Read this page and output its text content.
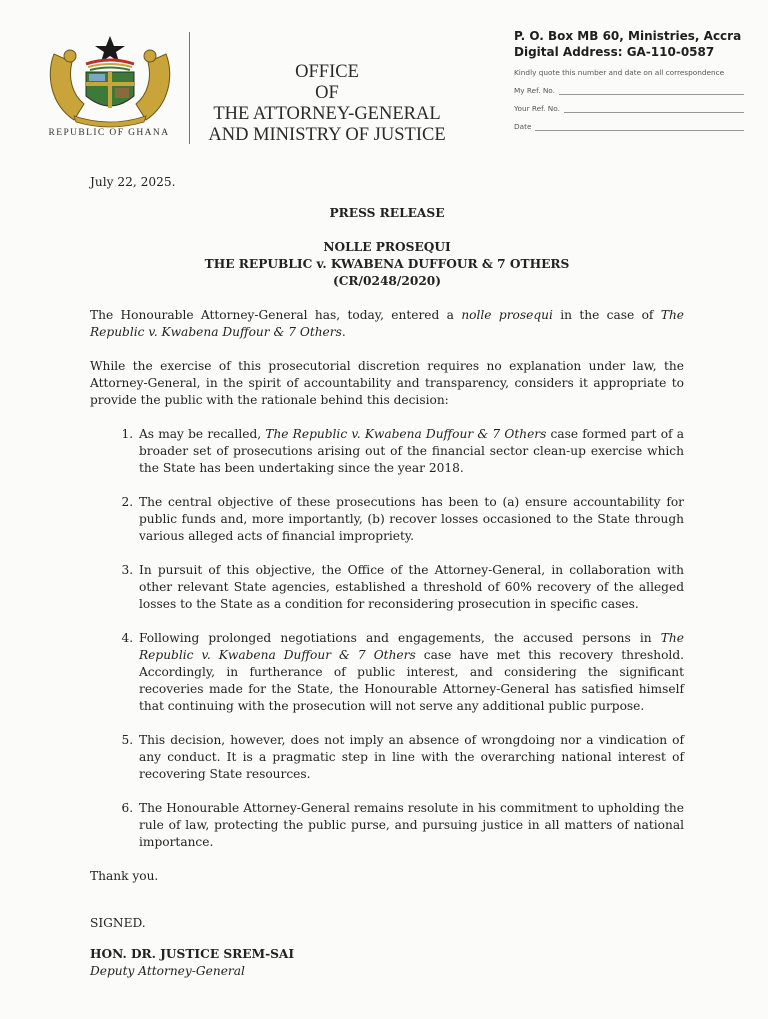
REPUBLIC OF GHANA
OFFICE
OF
THE ATTORNEY-GENERAL
AND MINISTRY OF JUSTICE
P. O. Box MB 60, Ministries, Accra
Digital Address: GA-110-0587
Kindly quote this number and date on all correspondence
My Ref. No.
Your Ref. No.
Date
July 22, 2025.
PRESS RELEASE
NOLLE PROSEQUI
THE REPUBLIC v. KWABENA DUFFOUR & 7 OTHERS
(CR/0248/2020)

The Honourable Attorney-General has, today, entered a nolle prosequi in the case of The Republic v. Kwabena Duffour & 7 Others.

While the exercise of this prosecutorial discretion requires no explanation under law, the Attorney-General, in the spirit of accountability and transparency, considers it appropriate to provide the public with the rationale behind this decision:

1. As may be recalled, The Republic v. Kwabena Duffour & 7 Others case formed part of a broader set of prosecutions arising out of the financial sector clean-up exercise which the State has been undertaking since the year 2018.
2. The central objective of these prosecutions has been to (a) ensure accountability for public funds and, more importantly, (b) recover losses occasioned to the State through various alleged acts of financial impropriety.
3. In pursuit of this objective, the Office of the Attorney-General, in collaboration with other relevant State agencies, established a threshold of 60% recovery of the alleged losses to the State as a condition for reconsidering prosecution in specific cases.
4. Following prolonged negotiations and engagements, the accused persons in The Republic v. Kwabena Duffour & 7 Others case have met this recovery threshold. Accordingly, in furtherance of public interest, and considering the significant recoveries made for the State, the Honourable Attorney-General has satisfied himself that continuing with the prosecution will not serve any additional public purpose.
5. This decision, however, does not imply an absence of wrongdoing nor a vindication of any conduct. It is a pragmatic step in line with the overarching national interest of recovering State resources.
6. The Honourable Attorney-General remains resolute in his commitment to upholding the rule of law, protecting the public purse, and pursuing justice in all matters of national importance.
Thank you.
SIGNED.
HON. DR. JUSTICE SREM-SAI
Deputy Attorney-General
